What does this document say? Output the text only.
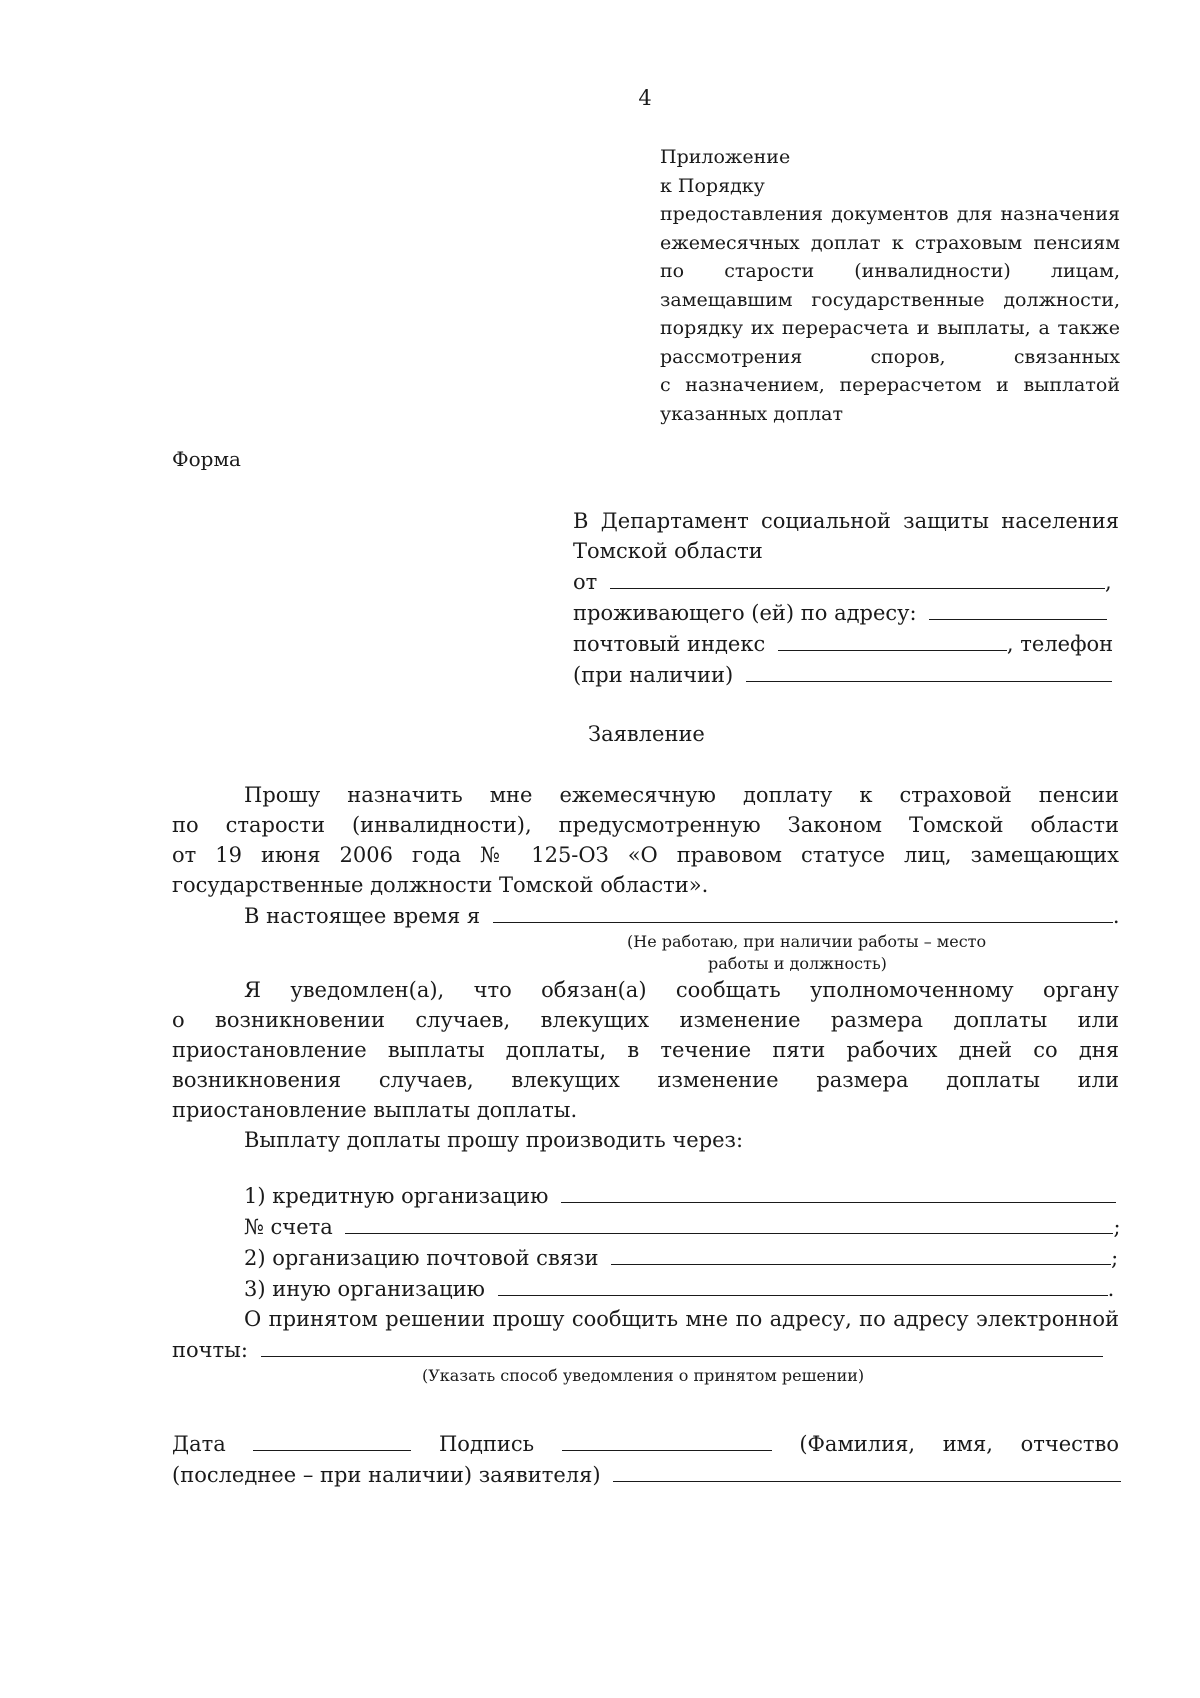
4
Приложение
к Порядку
предоставления документов для назначения
ежемесячных доплат к страховым пенсиям
по старости (инвалидности) лицам,
замещавшим государственные должности,
порядку их перерасчета и выплаты, а также
рассмотрения споров, связанных
с назначением, перерасчетом и выплатой
указанных доплат
Форма
В Департамент социальной защиты населения
Томской области
от	,
проживающего (ей) по адресу:
почтовый индекс	, телефон
(при наличии)
Заявление
Прошу назначить мне ежемесячную доплату к страховой пенсии
по старости (инвалидности), предусмотренную Законом Томской области
от 19 июня 2006 года № 125-ОЗ «О правовом статусе лиц, замещающих
государственные должности Томской области».
В настоящее время я	.
(Не работаю, при наличии работы – место
работы и должность)
Я уведомлен(а), что обязан(а) сообщать уполномоченному органу
о возникновении случаев, влекущих изменение размера доплаты или
приостановление выплаты доплаты, в течение пяти рабочих дней со дня
возникновения случаев, влекущих изменение размера доплаты или
приостановление выплаты доплаты.
Выплату доплаты прошу производить через:
1) кредитную организацию
№ счета	;
2) организацию почтовой связи	;
3) иную организацию	.
О принятом решении прошу сообщить мне по адресу, по адресу электронной
почты:
(Указать способ уведомления о принятом решении)
Дата	Подпись	(Фамилия, имя, отчество
(последнее – при наличии) заявителя)
